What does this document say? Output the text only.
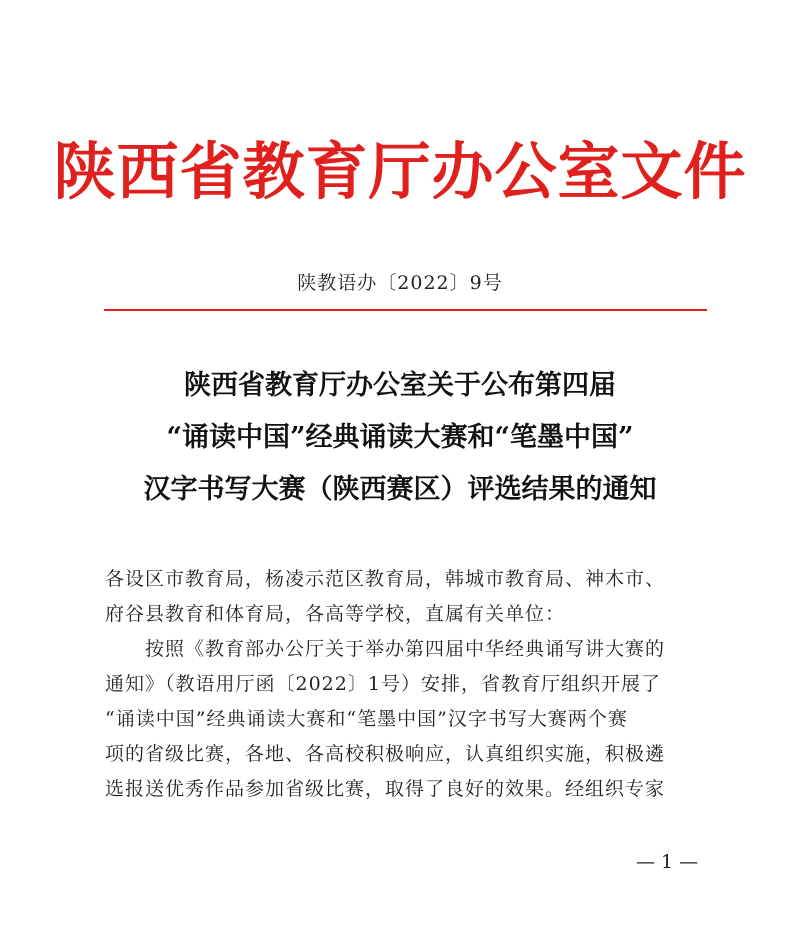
陕西省教育厅办公室文件
陕教语办〔2022〕9号
陕西省教育厅办公室关于公布第四届
“诵读中国”经典诵读大赛和“笔墨中国”
汉字书写大赛（陕西赛区）评选结果的通知
各设区市教育局，杨凌示范区教育局，韩城市教育局、神木市、
府谷县教育和体育局，各高等学校，直属有关单位：
按照《教育部办公厅关于举办第四届中华经典诵写讲大赛的
通知》（教语用厅函〔2022〕1号）安排，省教育厅组织开展了
“诵读中国”经典诵读大赛和“笔墨中国”汉字书写大赛两个赛
项的省级比赛，各地、各高校积极响应，认真组织实施，积极遴
选报送优秀作品参加省级比赛，取得了良好的效果。经组织专家
— 1 —
